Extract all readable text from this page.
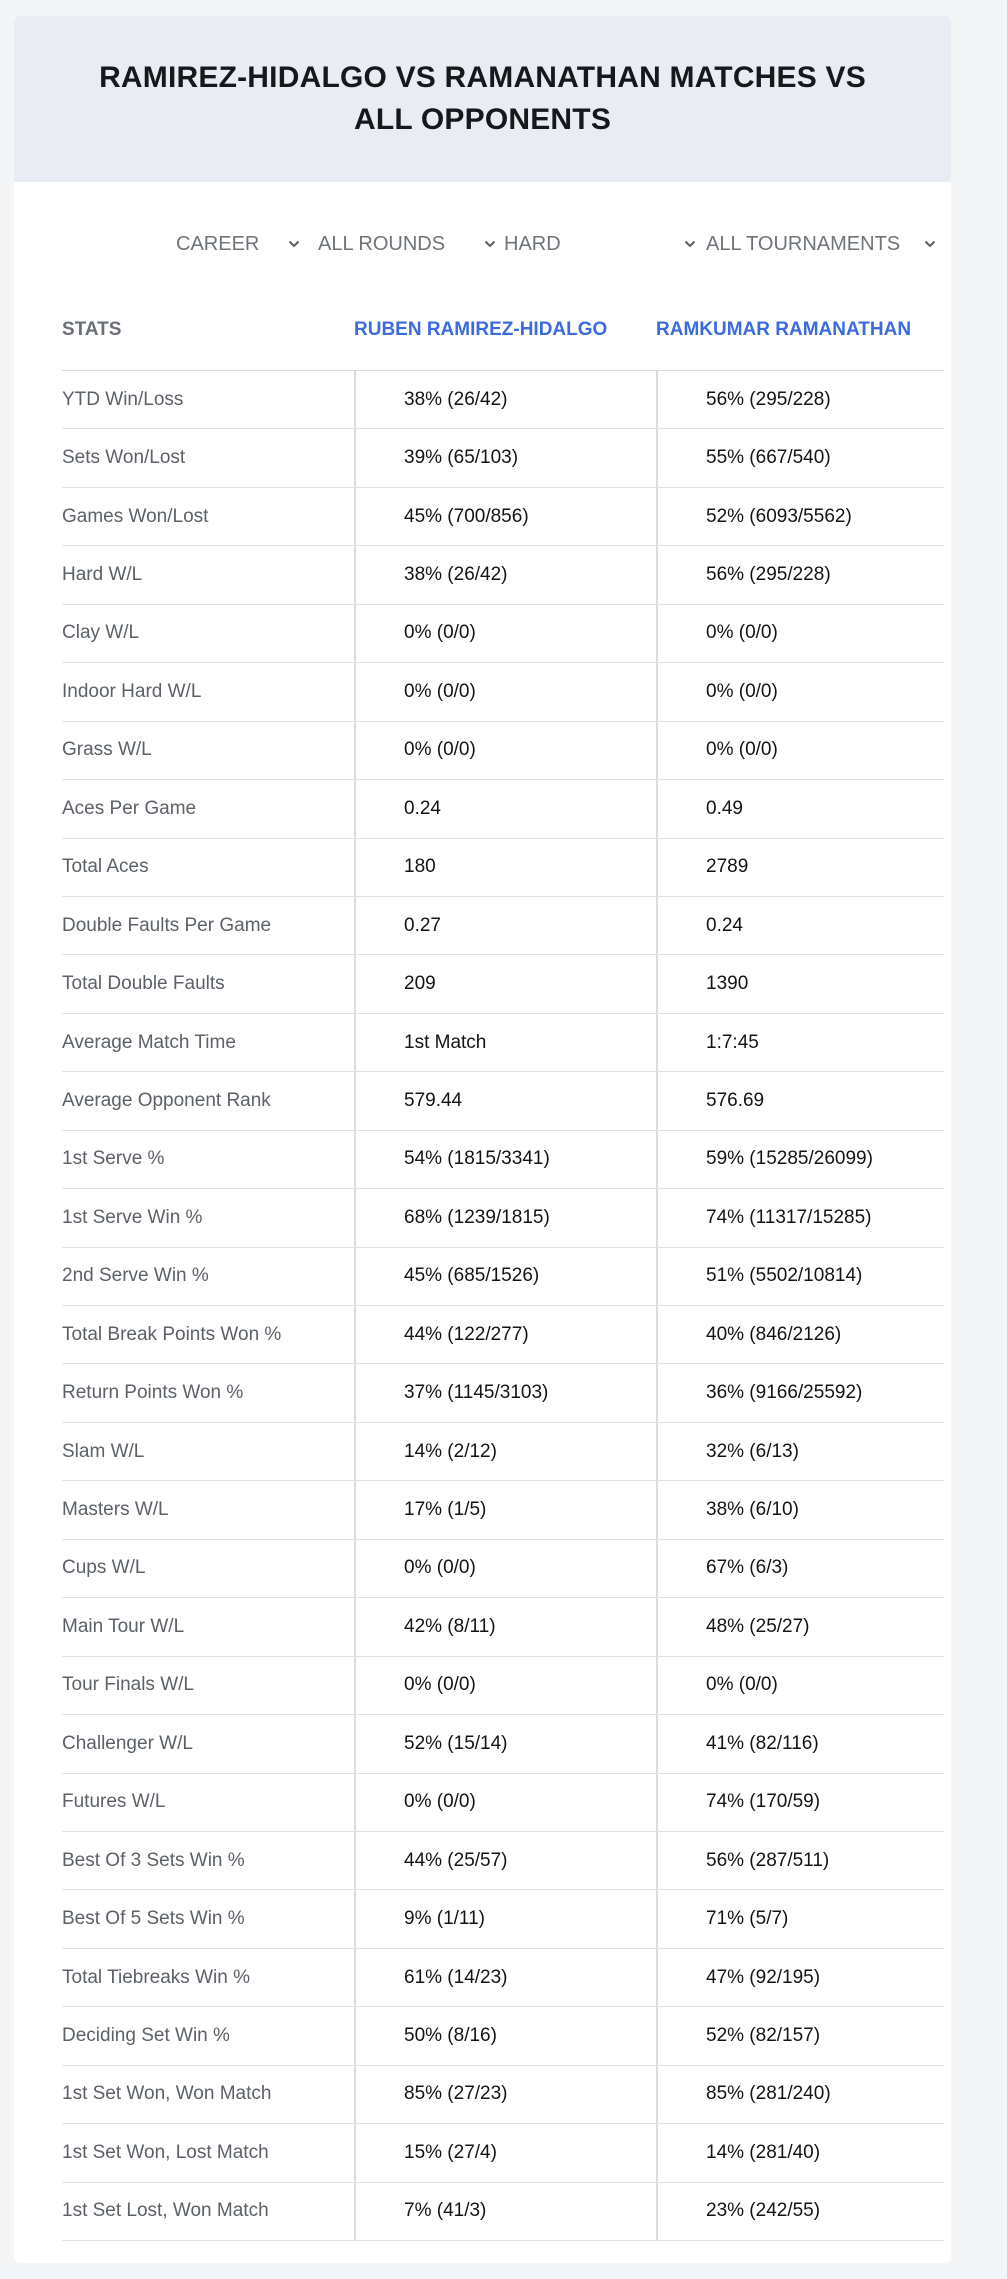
RAMIREZ-HIDALGO VS RAMANATHAN MATCHES VS ALL OPPONENTS
CAREER	ALL ROUNDS	HARD	ALL TOURNAMENTS
STATS	RUBEN RAMIREZ-HIDALGO	RAMKUMAR RAMANATHAN
YTD Win/Loss	38% (26/42)	56% (295/228)
Sets Won/Lost	39% (65/103)	55% (667/540)
Games Won/Lost	45% (700/856)	52% (6093/5562)
Hard W/L	38% (26/42)	56% (295/228)
Clay W/L	0% (0/0)	0% (0/0)
Indoor Hard W/L	0% (0/0)	0% (0/0)
Grass W/L	0% (0/0)	0% (0/0)
Aces Per Game	0.24	0.49
Total Aces	180	2789
Double Faults Per Game	0.27	0.24
Total Double Faults	209	1390
Average Match Time	1st Match	1:7:45
Average Opponent Rank	579.44	576.69
1st Serve %	54% (1815/3341)	59% (15285/26099)
1st Serve Win %	68% (1239/1815)	74% (11317/15285)
2nd Serve Win %	45% (685/1526)	51% (5502/10814)
Total Break Points Won %	44% (122/277)	40% (846/2126)
Return Points Won %	37% (1145/3103)	36% (9166/25592)
Slam W/L	14% (2/12)	32% (6/13)
Masters W/L	17% (1/5)	38% (6/10)
Cups W/L	0% (0/0)	67% (6/3)
Main Tour W/L	42% (8/11)	48% (25/27)
Tour Finals W/L	0% (0/0)	0% (0/0)
Challenger W/L	52% (15/14)	41% (82/116)
Futures W/L	0% (0/0)	74% (170/59)
Best Of 3 Sets Win %	44% (25/57)	56% (287/511)
Best Of 5 Sets Win %	9% (1/11)	71% (5/7)
Total Tiebreaks Win %	61% (14/23)	47% (92/195)
Deciding Set Win %	50% (8/16)	52% (82/157)
1st Set Won, Won Match	85% (27/23)	85% (281/240)
1st Set Won, Lost Match	15% (27/4)	14% (281/40)
1st Set Lost, Won Match	7% (41/3)	23% (242/55)
